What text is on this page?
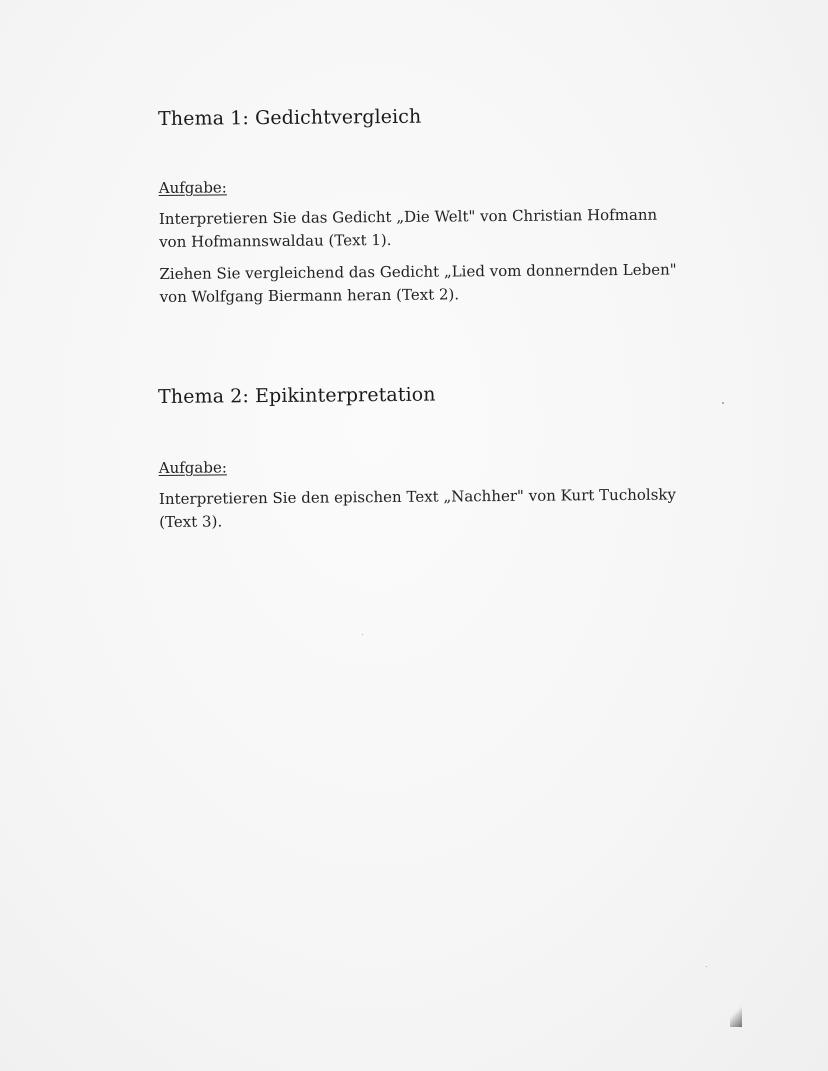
Thema 1: Gedichtvergleich
Aufgabe:

Interpretieren Sie das Gedicht „Die Welt" von Christian Hofmann
von Hofmannswaldau (Text 1).

Ziehen Sie vergleichend das Gedicht „Lied vom donnernden Leben"
von Wolfgang Biermann heran (Text 2).

Thema 2: Epikinterpretation
Aufgabe:

Interpretieren Sie den epischen Text „Nachher" von Kurt Tucholsky
(Text 3).
